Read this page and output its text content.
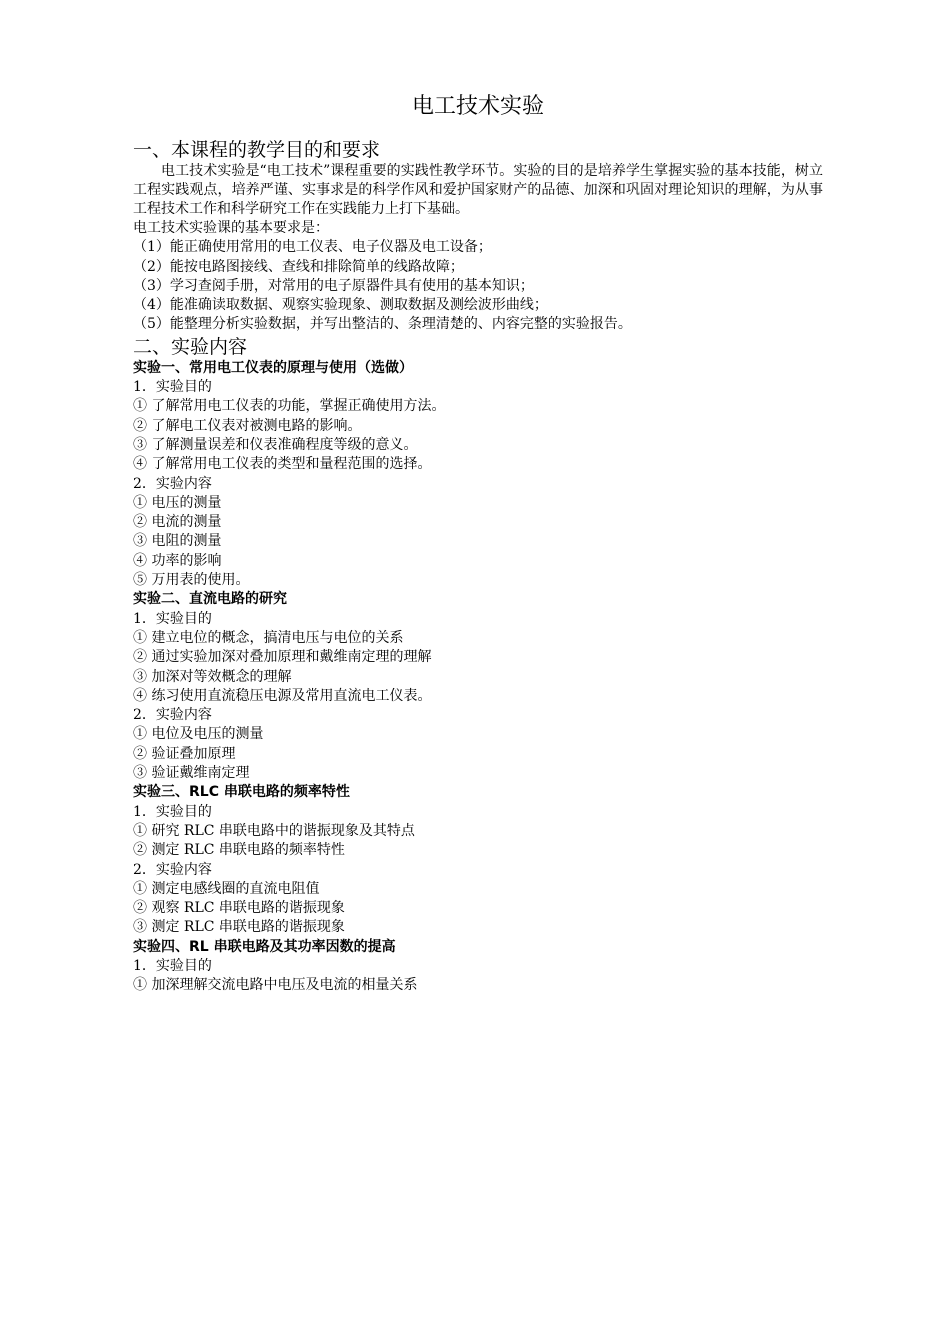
电工技术实验
一、本课程的教学目的和要求

电工技术实验是“电工技术”课程重要的实践性教学环节。实验的目的是培养学生掌握实验的基本技能，树立工程实践观点，培养严谨、实事求是的科学作风和爱护国家财产的品德、加深和巩固对理论知识的理解，为从事工程技术工作和科学研究工作在实践能力上打下基础。

电工技术实验课的基本要求是：

（1）能正确使用常用的电工仪表、电子仪器及电工设备；

（2）能按电路图接线、查线和排除简单的线路故障；

（3）学习查阅手册，对常用的电子原器件具有使用的基本知识；

（4）能准确读取数据、观察实验现象、测取数据及测绘波形曲线；

（5）能整理分析实验数据，并写出整洁的、条理清楚的、内容完整的实验报告。

二、实验内容

实验一、常用电工仪表的原理与使用（选做）

1．实验目的

① 了解常用电工仪表的功能，掌握正确使用方法。

② 了解电工仪表对被测电路的影响。

③ 了解测量误差和仪表准确程度等级的意义。

④ 了解常用电工仪表的类型和量程范围的选择。

2．实验内容

① 电压的测量

② 电流的测量

③ 电阻的测量

④ 功率的影响

⑤ 万用表的使用。

实验二、直流电路的研究

1．实验目的

① 建立电位的概念，搞清电压与电位的关系

② 通过实验加深对叠加原理和戴维南定理的理解

③ 加深对等效概念的理解

④ 练习使用直流稳压电源及常用直流电工仪表。

2．实验内容

① 电位及电压的测量

② 验证叠加原理

③ 验证戴维南定理

实验三、RLC 串联电路的频率特性

1．实验目的

① 研究 RLC 串联电路中的谐振现象及其特点

② 测定 RLC 串联电路的频率特性

2．实验内容

① 测定电感线圈的直流电阻值

② 观察 RLC 串联电路的谐振现象

③ 测定 RLC 串联电路的谐振现象

实验四、RL 串联电路及其功率因数的提高

1．实验目的

① 加深理解交流电路中电压及电流的相量关系
